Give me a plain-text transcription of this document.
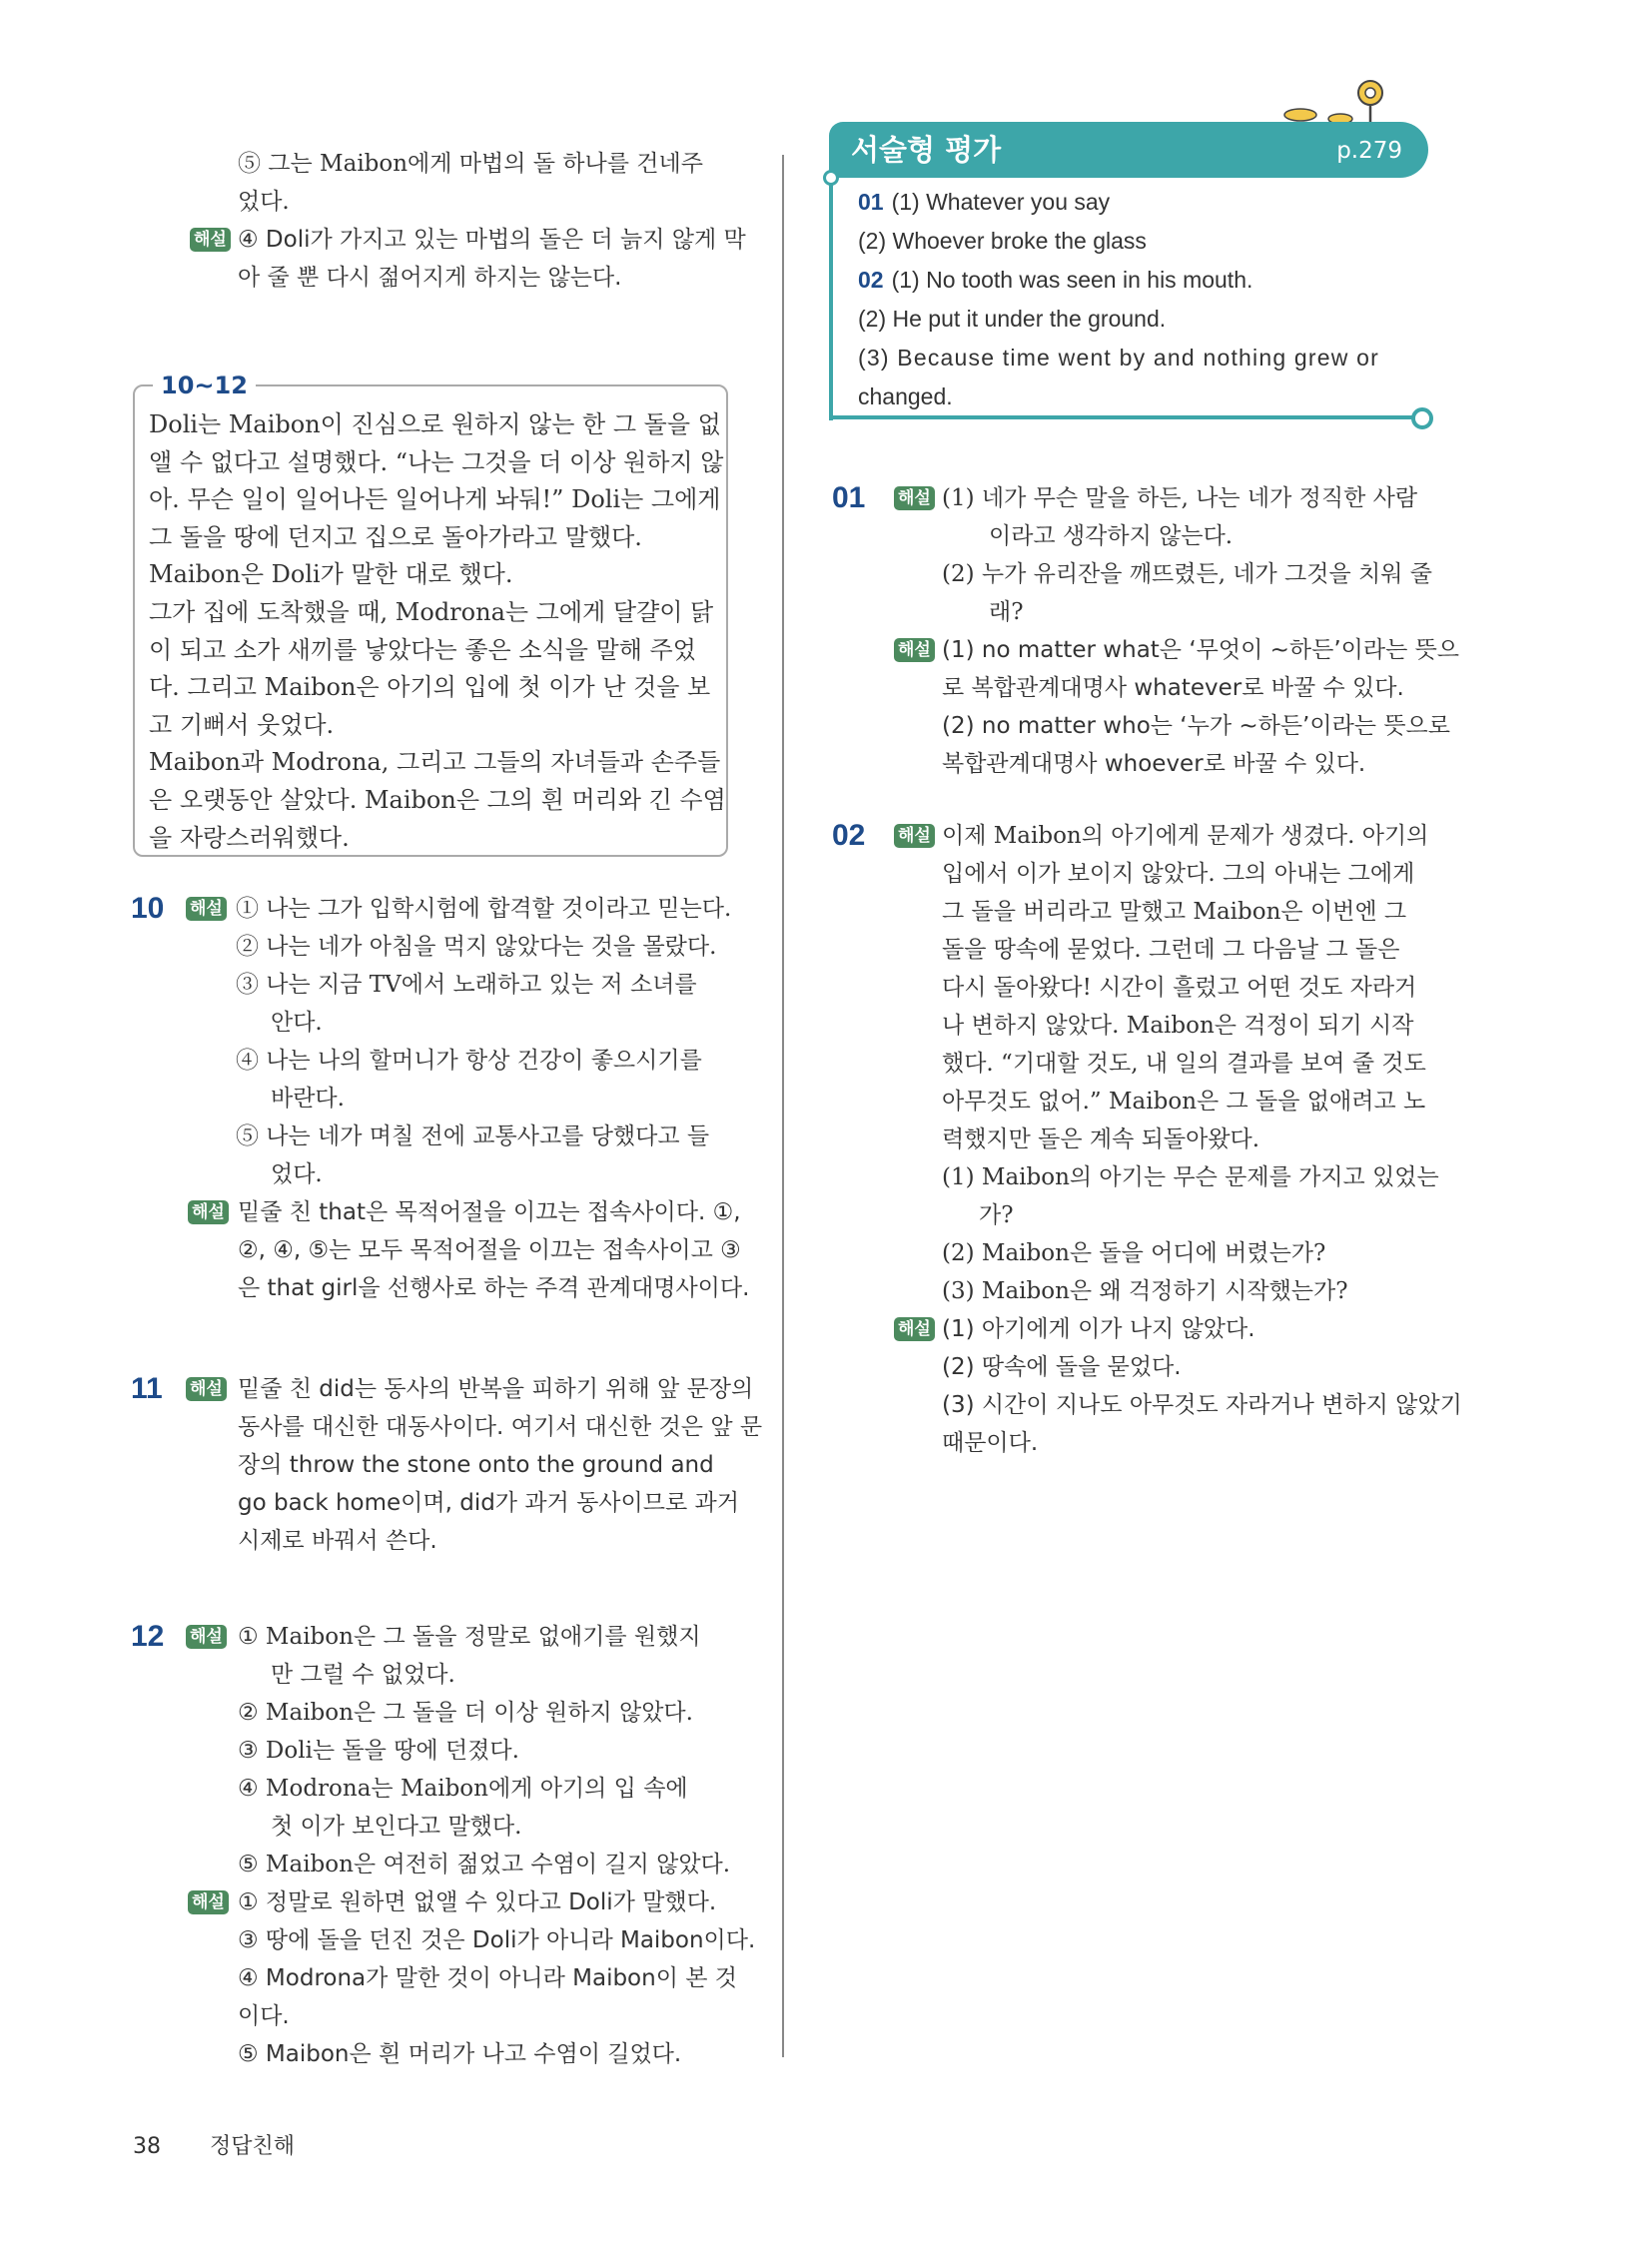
⑤ 그는 Maibon에게 마법의 돌 하나를 건네주
었다.
해설 ④ Doli가 가지고 있는 마법의 돌은 더 늙지 않게 막
아 줄 뿐 다시 젊어지게 하지는 않는다.
10~12
Doli는 Maibon이 진심으로 원하지 않는 한 그 돌을 없
앨 수 없다고 설명했다. “나는 그것을 더 이상 원하지 않
아. 무슨 일이 일어나든 일어나게 놔둬!” Doli는 그에게
그 돌을 땅에 던지고 집으로 돌아가라고 말했다.
Maibon은 Doli가 말한 대로 했다.
그가 집에 도착했을 때, Modrona는 그에게 달걀이 닭
이 되고 소가 새끼를 낳았다는 좋은 소식을 말해 주었
다. 그리고 Maibon은 아기의 입에 첫 이가 난 것을 보
고 기뻐서 웃었다.
Maibon과 Modrona, 그리고 그들의 자녀들과 손주들
은 오랫동안 살았다. Maibon은 그의 흰 머리와 긴 수염
을 자랑스러워했다.
10 해설 ① 나는 그가 입학시험에 합격할 것이라고 믿는다.
② 나는 네가 아침을 먹지 않았다는 것을 몰랐다.
③ 나는 지금 TV에서 노래하고 있는 저 소녀를
안다.
④ 나는 나의 할머니가 항상 건강이 좋으시기를
바란다.
⑤ 나는 네가 며칠 전에 교통사고를 당했다고 들
었다.
해설 밑줄 친 that은 목적어절을 이끄는 접속사이다. ①,
②, ④, ⑤는 모두 목적어절을 이끄는 접속사이고 ③
은 that girl을 선행사로 하는 주격 관계대명사이다.
11 해설 밑줄 친 did는 동사의 반복을 피하기 위해 앞 문장의
동사를 대신한 대동사이다. 여기서 대신한 것은 앞 문
장의 throw the stone onto the ground and
go back home이며, did가 과거 동사이므로 과거
시제로 바꿔서 쓴다.
12 해설 ① Maibon은 그 돌을 정말로 없애기를 원했지
만 그럴 수 없었다.
② Maibon은 그 돌을 더 이상 원하지 않았다.
③ Doli는 돌을 땅에 던졌다.
④ Modrona는 Maibon에게 아기의 입 속에
첫 이가 보인다고 말했다.
⑤ Maibon은 여전히 젊었고 수염이 길지 않았다.
해설 ① 정말로 원하면 없앨 수 있다고 Doli가 말했다.
③ 땅에 돌을 던진 것은 Doli가 아니라 Maibon이다.
④ Modrona가 말한 것이 아니라 Maibon이 본 것
이다.
⑤ Maibon은 흰 머리가 나고 수염이 길었다.
서술형 평가	p.279
01 (1) Whatever you say
(2) Whoever broke the glass
02 (1) No tooth was seen in his mouth.
(2) He put it under the ground.
(3) Because time went by and nothing grew or
changed.
01 해설 (1) 네가 무슨 말을 하든, 나는 네가 정직한 사람
이라고 생각하지 않는다.
(2) 누가 유리잔을 깨뜨렸든, 네가 그것을 치워 줄
래?
해설 (1) no matter what은 ‘무엇이 ~하든’이라는 뜻으
로 복합관계대명사 whatever로 바꿀 수 있다.
(2) no matter who는 ‘누가 ~하든’이라는 뜻으로
복합관계대명사 whoever로 바꿀 수 있다.
02 해설 이제 Maibon의 아기에게 문제가 생겼다. 아기의
입에서 이가 보이지 않았다. 그의 아내는 그에게
그 돌을 버리라고 말했고 Maibon은 이번엔 그
돌을 땅속에 묻었다. 그런데 그 다음날 그 돌은
다시 돌아왔다! 시간이 흘렀고 어떤 것도 자라거
나 변하지 않았다. Maibon은 걱정이 되기 시작
했다. “기대할 것도, 내 일의 결과를 보여 줄 것도
아무것도 없어.” Maibon은 그 돌을 없애려고 노
력했지만 돌은 계속 되돌아왔다.
(1) Maibon의 아기는 무슨 문제를 가지고 있었는
가?
(2) Maibon은 돌을 어디에 버렸는가?
(3) Maibon은 왜 걱정하기 시작했는가?
해설 (1) 아기에게 이가 나지 않았다.
(2) 땅속에 돌을 묻었다.
(3) 시간이 지나도 아무것도 자라거나 변하지 않았기
때문이다.
38 정답친해
